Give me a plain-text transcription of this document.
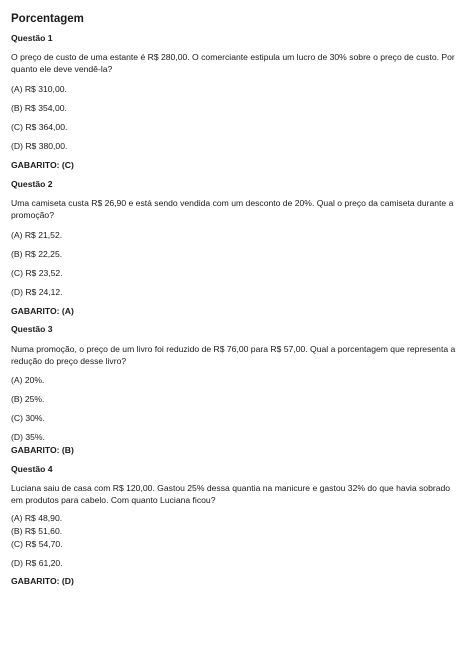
Porcentagem
Questão 1
O preço de custo de uma estante é R$ 280,00. O comerciante estipula um lucro de 30% sobre o preço de custo. Por quanto ele deve vendê-la?
(A) R$ 310,00.
(B) R$ 354,00.
(C) R$ 364,00.
(D) R$ 380,00.
GABARITO: (C)
Questão 2
Uma camiseta custa R$ 26,90 e está sendo vendida com um desconto de 20%. Qual o preço da camiseta durante a promoção?
(A) R$ 21,52.
(B) R$ 22,25.
(C) R$ 23,52.
(D) R$ 24,12.
GABARITO: (A)
Questão 3
Numa promoção, o preço de um livro foi reduzido de R$ 76,00 para R$ 57,00. Qual a porcentagem que representa a redução do preço desse livro?
(A) 20%.
(B) 25%.
(C) 30%.
(D) 35%.
GABARITO: (B)
Questão 4
Luciana saiu de casa com R$ 120,00. Gastou 25% dessa quantia na manicure e gastou 32% do que havia sobrado em produtos para cabelo. Com quanto Luciana ficou?
(A) R$ 48,90.
(B) R$ 51,60.
(C) R$ 54,70.
(D) R$ 61,20.
GABARITO: (D)
